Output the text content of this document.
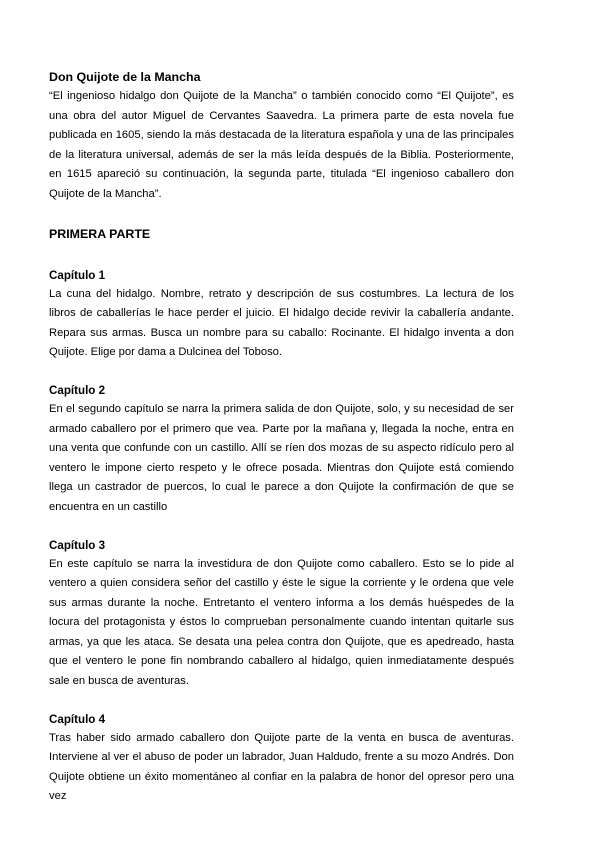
Don Quijote de la Mancha

“El ingenioso hidalgo don Quijote de la Mancha” o también conocido como “El Quijote”, es una obra del autor Miguel de Cervantes Saavedra. La primera parte de esta novela fue publicada en 1605, siendo la más destacada de la literatura española y una de las principales de la literatura universal, además de ser la más leída después de la Biblia. Posteriormente, en 1615 apareció su continuación, la segunda parte, titulada “El ingenioso caballero don Quijote de la Mancha”.

PRIMERA PARTE
Capítulo 1

La cuna del hidalgo. Nombre, retrato y descripción de sus costumbres. La lectura de los libros de caballerías le hace perder el juicio. El hidalgo decide revivir la caballería andante. Repara sus armas. Busca un nombre para su caballo: Rocinante. El hidalgo inventa a don Quijote. Elige por dama a Dulcinea del Toboso.

Capítulo 2

En el segundo capítulo se narra la primera salida de don Quijote, solo, y su necesidad de ser armado caballero por el primero que vea. Parte por la mañana y, llegada la noche, entra en una venta que confunde con un castillo. Allí se ríen dos mozas de su aspecto ridículo pero al ventero le impone cierto respeto y le ofrece posada. Mientras don Quijote está comiendo llega un castrador de puercos, lo cual le parece a don Quijote la confirmación de que se encuentra en un castillo

Capítulo 3

En este capítulo se narra la investidura de don Quijote como caballero. Esto se lo pide al ventero a quien considera señor del castillo y éste le sigue la corriente y le ordena que vele sus armas durante la noche. Entretanto el ventero informa a los demás huéspedes de la locura del protagonista y éstos lo comprueban personalmente cuando intentan quitarle sus armas, ya que les ataca. Se desata una pelea contra don Quijote, que es apedreado, hasta que el ventero le pone fin nombrando caballero al hidalgo, quien inmediatamente después sale en busca de aventuras.

Capítulo 4

Tras haber sido armado caballero don Quijote parte de la venta en busca de aventuras. Interviene al ver el abuso de poder un labrador, Juan Haldudo, frente a su mozo Andrés. Don Quijote obtiene un éxito momentáneo al confiar en la palabra de honor del opresor pero una vez
